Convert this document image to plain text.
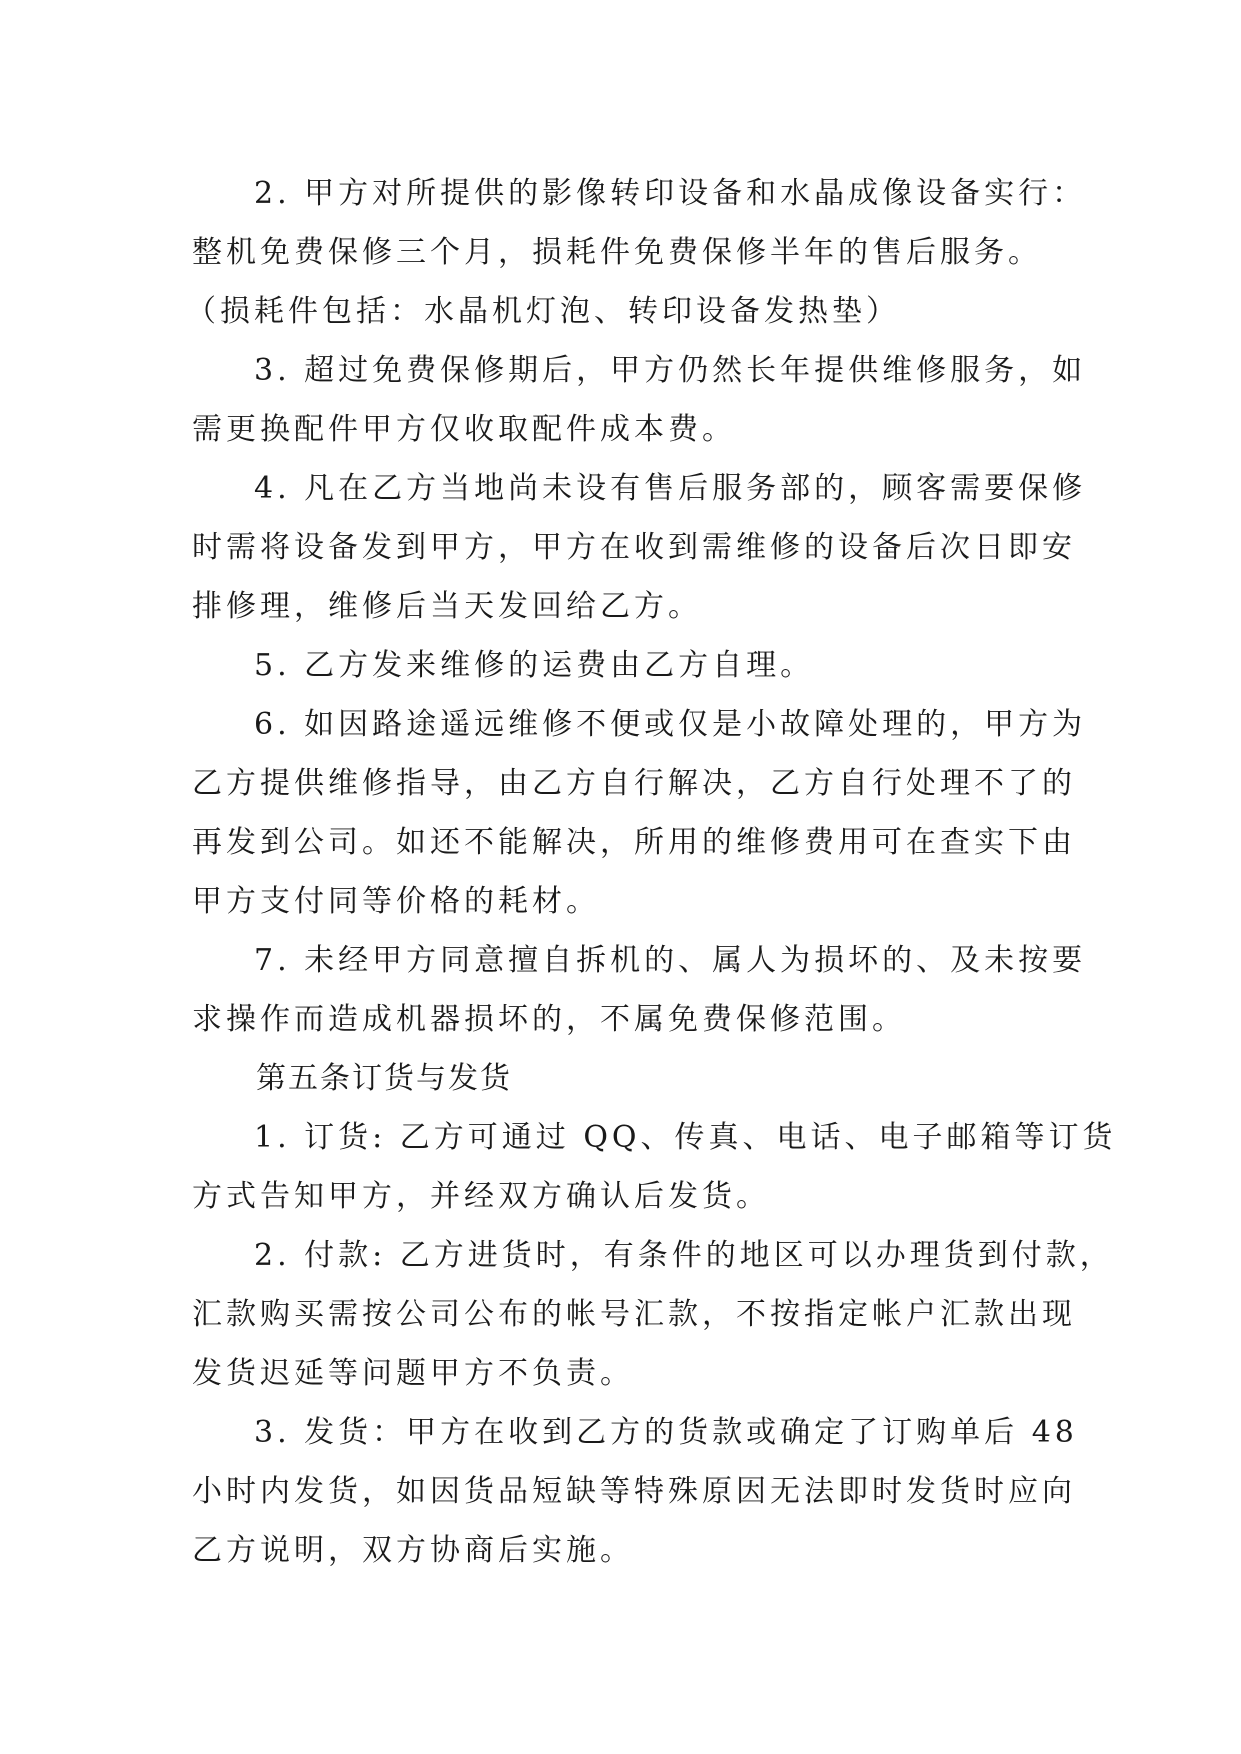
2. 甲方对所提供的影像转印设备和水晶成像设备实行：
整机免费保修三个月，损耗件免费保修半年的售后服务。
（损耗件包括：水晶机灯泡、转印设备发热垫）
3. 超过免费保修期后，甲方仍然长年提供维修服务，如
需更换配件甲方仅收取配件成本费。
4. 凡在乙方当地尚未设有售后服务部的，顾客需要保修
时需将设备发到甲方，甲方在收到需维修的设备后次日即安
排修理，维修后当天发回给乙方。
5. 乙方发来维修的运费由乙方自理。
6. 如因路途遥远维修不便或仅是小故障处理的，甲方为
乙方提供维修指导，由乙方自行解决，乙方自行处理不了的
再发到公司。如还不能解决，所用的维修费用可在查实下由
甲方支付同等价格的耗材。
7. 未经甲方同意擅自拆机的、属人为损坏的、及未按要
求操作而造成机器损坏的，不属免费保修范围。
第五条订货与发货
1. 订货: 乙方可通过 QQ、传真、电话、电子邮箱等订货
方式告知甲方，并经双方确认后发货。
2. 付款: 乙方进货时，有条件的地区可以办理货到付款，
汇款购买需按公司公布的帐号汇款，不按指定帐户汇款出现
发货迟延等问题甲方不负责。
3. 发货：甲方在收到乙方的货款或确定了订购单后 48
小时内发货，如因货品短缺等特殊原因无法即时发货时应向
乙方说明，双方协商后实施。
